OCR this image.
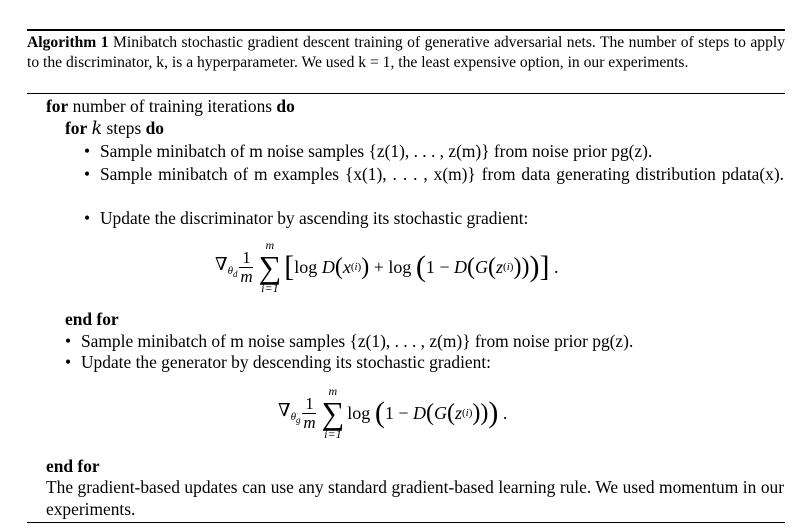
Algorithm 1 Minibatch stochastic gradient descent training of generative adversarial nets. The number of steps to apply to the discriminator, k, is a hyperparameter. We used k = 1, the least expensive option, in our experiments.
for number of training iterations do
for k steps do
• Sample minibatch of m noise samples {z(1), . . . , z(m)} from noise prior pg(z).
• Sample minibatch of m examples {x(1), . . . , x(m)} from data generating distribution pdata(x).
• Update the discriminator by ascending its stochastic gradient:
$\nabla_{\theta_d} \frac{1}{m}$
m
∑
i=1
[ log D ( x (i) ) + log ( 1 − D ( G ( z (i) ) ) ) ] .
end for
• Sample minibatch of m noise samples {z(1), . . . , z(m)} from noise prior pg(z).
• Update the generator by descending its stochastic gradient:
$\nabla_{\theta_g} \frac{1}{m}$
m
∑
i=1
log ( 1 − D ( G ( z (i) ) ) ) .
end for
The gradient-based updates can use any standard gradient-based learning rule. We used momentum in our experiments.
